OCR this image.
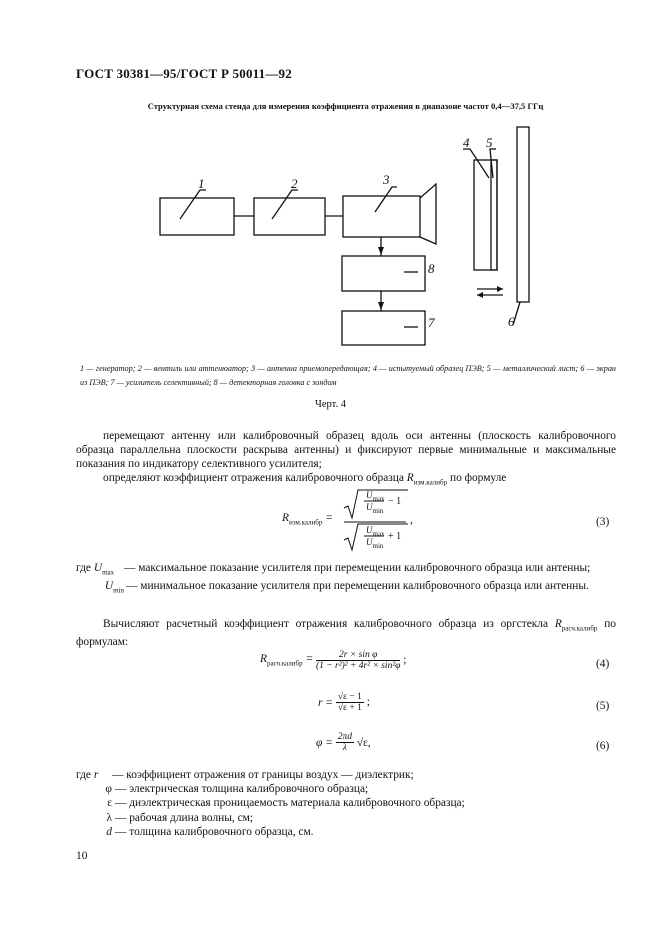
ГОСТ 30381—95/ГОСТ Р 50011—92
Структурная схема стенда для измерения коэффициента отражения в диапазоне частот 0,4—37,5 ГГц
1	2	3
4 5
6
7
8
1 — генератор; 2 — вентиль или аттенюатор; 3 — антенна приемопередающая; 4 — испытуемый образец ПЭВ; 5 — металлический лист; 6 — экран из ПЭВ; 7 — усилитель селективный; 8 — детекторная головка с зондом
Черт. 4
перемещают антенну или калибровочный образец вдоль оси антенны (плоскость калибровочного образца параллельна плоскости раскрыва антенны) и фиксируют первые минимальные и максимальные показания по индикатору селективного усилителя;
определяют коэффициент отражения калибровочного образца $R_{изм.калибр}$ по формуле
$R_{изм.калибр}$ =
$U_{max}$
$U_{min}$
− 1
$U_{max}$
$U_{min}$
+ 1
,	(3)
где $U_{max}$ — максимальное показание усилителя при перемещении калибровочного образца или антенны;
$U_{min}$ — минимальное показание усилителя при перемещении калибровочного образца или антенны.
Вычисляют расчетный коэффициент отражения калибровочного образца из оргстекла $R_{расч.калибр}$ по формулам:
$R_{расч.калибр} = \frac{\text{2r × sin φ}}{\text{(1 − r²)² + 4r² × sin²φ}}$ ;	(4)
$r = \frac{√\varepsilon - 1}{√\varepsilon + 1}$ ;	(5)
$\varphi = \frac{2\pi d}{\lambda} √\varepsilon$,	(6)
где r	— коэффициент отражения от границы воздух — диэлектрик;
φ — электрическая толщина калибровочного образца;
ε — диэлектрическая проницаемость материала калибровочного образца;
λ — рабочая длина волны, см;
d — толщина калибровочного образца, см.
10
